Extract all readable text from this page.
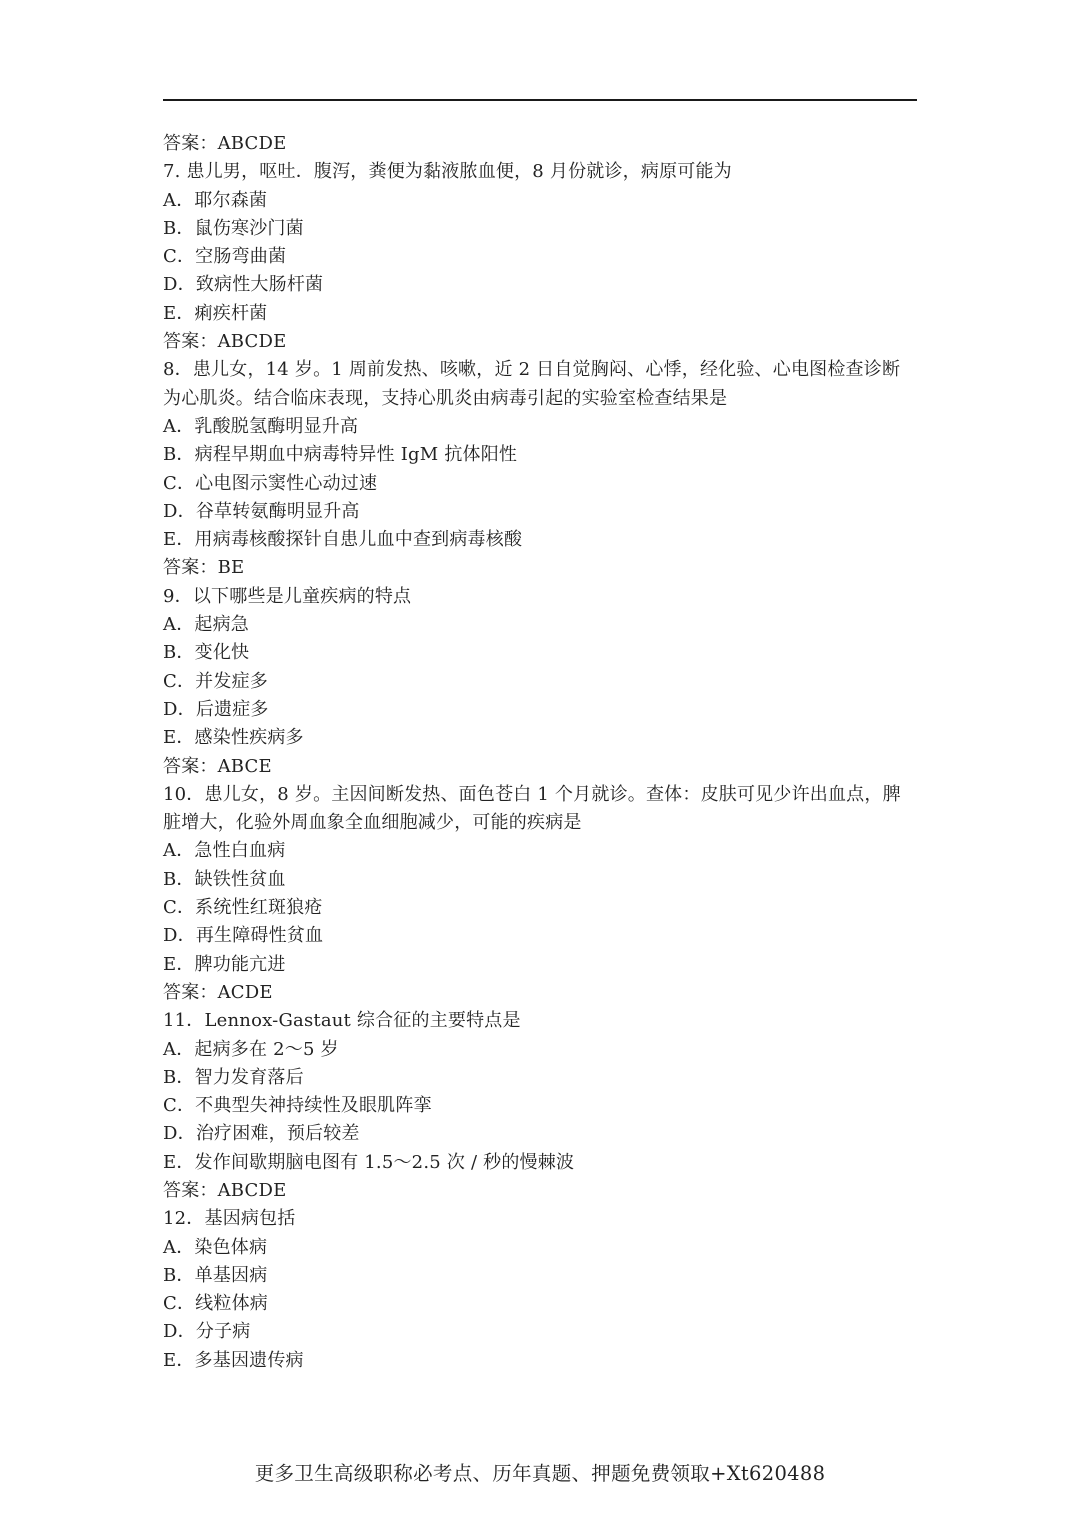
答案：ABCDE
7. 患儿男，呕吐．腹泻，粪便为黏液脓血便，8 月份就诊，病原可能为
A．耶尔森菌
B．鼠伤寒沙门菌
C．空肠弯曲菌
D．致病性大肠杆菌
E．痢疾杆菌
答案：ABCDE
8．患儿女，14 岁。1 周前发热、咳嗽，近 2 日自觉胸闷、心悸，经化验、心电图检查诊断
为心肌炎。结合临床表现，支持心肌炎由病毒引起的实验室检查结果是
A．乳酸脱氢酶明显升高
B．病程早期血中病毒特异性 IgM 抗体阳性
C．心电图示窦性心动过速
D．谷草转氨酶明显升高
E．用病毒核酸探针自患儿血中查到病毒核酸
答案：BE
9．以下哪些是儿童疾病的特点
A．起病急
B．变化快
C．并发症多
D．后遗症多
E．感染性疾病多
答案：ABCE
10．患儿女，8 岁。主因间断发热、面色苍白 1 个月就诊。查体：皮肤可见少许出血点，脾
脏增大，化验外周血象全血细胞减少，可能的疾病是
A．急性白血病
B．缺铁性贫血
C．系统性红斑狼疮
D．再生障碍性贫血
E．脾功能亢进
答案：ACDE
11．Lennox-Gastaut 综合征的主要特点是
A．起病多在 2～5 岁
B．智力发育落后
C．不典型失神持续性及眼肌阵挛
D．治疗困难，预后较差
E．发作间歇期脑电图有 1.5～2.5 次 / 秒的慢棘波
答案：ABCDE
12．基因病包括
A．染色体病
B．单基因病
C．线粒体病
D．分子病
E．多基因遗传病
更多卫生高级职称必考点、历年真题、押题免费领取+Xt620488
